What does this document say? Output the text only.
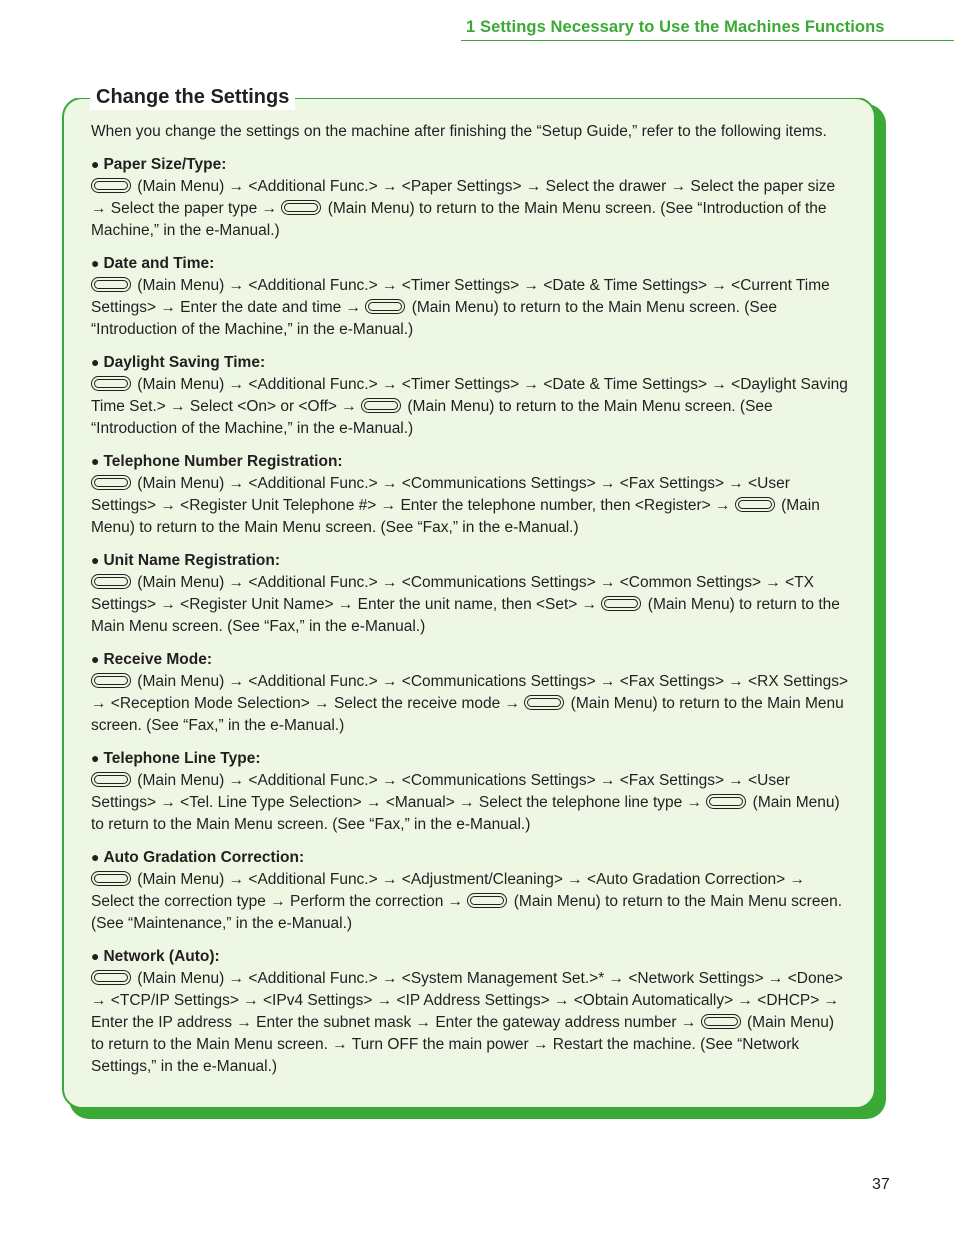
1 Settings Necessary to Use the Machines Functions
Change the Settings

When you change the settings on the machine after finishing the “Setup Guide,” refer to the following items.

● Paper Size/Type:
(Main Menu) → <Additional Func.> → <Paper Settings> → Select the drawer → Select the paper size → Select the paper type →	(Main Menu) to return to the Main Menu screen. (See “Introduction of the Machine,” in the e-Manual.)
● Date and Time:
(Main Menu) → <Additional Func.> → <Timer Settings> → <Date & Time Settings> → <Current Time Settings> → Enter the date and time →	(Main Menu) to return to the Main Menu screen. (See “Introduction of the Machine,” in the e-Manual.)
● Daylight Saving Time:
(Main Menu) → <Additional Func.> → <Timer Settings> → <Date & Time Settings> → <Daylight Saving Time Set.> → Select <On> or <Off> →	(Main Menu) to return to the Main Menu screen. (See “Introduction of the Machine,” in the e-Manual.)
● Telephone Number Registration:
(Main Menu) → <Additional Func.> → <Communications Settings> → <Fax Settings> → <User Settings> → <Register Unit Telephone #> → Enter the telephone number, then <Register> →	(Main Menu) to return to the Main Menu screen. (See “Fax,” in the e-Manual.)
● Unit Name Registration:
(Main Menu) → <Additional Func.> → <Communications Settings> → <Common Settings> → <TX Settings> → <Register Unit Name> → Enter the unit name, then <Set> →	(Main Menu) to return to the Main Menu screen. (See “Fax,” in the e-Manual.)
● Receive Mode:
(Main Menu) → <Additional Func.> → <Communications Settings> → <Fax Settings> → <RX Settings> → <Reception Mode Selection> → Select the receive mode →	(Main Menu) to return to the Main Menu screen. (See “Fax,” in the e-Manual.)
● Telephone Line Type:
(Main Menu) → <Additional Func.> → <Communications Settings> → <Fax Settings> → <User Settings> → <Tel. Line Type Selection> → <Manual> → Select the telephone line type →	(Main Menu) to return to the Main Menu screen. (See “Fax,” in the e-Manual.)
● Auto Gradation Correction:
(Main Menu) → <Additional Func.> → <Adjustment/Cleaning> → <Auto Gradation Correction> → Select the correction type → Perform the correction →	(Main Menu) to return to the Main Menu screen. (See “Maintenance,” in the e-Manual.)
● Network (Auto):
(Main Menu) → <Additional Func.> → <System Management Set.>* → <Network Settings> → <Done> → <TCP/IP Settings> → <IPv4 Settings> → <IP Address Settings> → <Obtain Automatically> → <DHCP> → Enter the IP address → Enter the subnet mask → Enter the gateway address number →	(Main Menu) to return to the Main Menu screen. → Turn OFF the main power → Restart the machine. (See “Network Settings,” in the e-Manual.)
37
